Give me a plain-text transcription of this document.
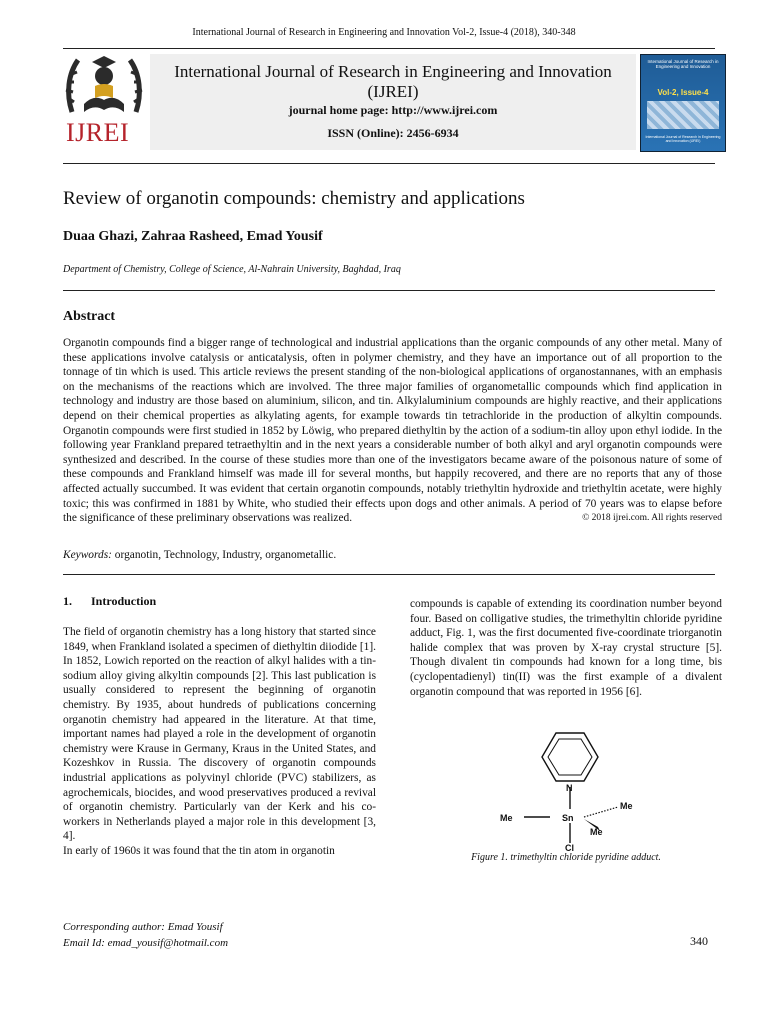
International Journal of Research in Engineering and Innovation Vol-2, Issue-4 (2018), 340-348
IJREI
International Journal of Research in Engineering and Innovation
(IJREI)
journal home page: http://www.ijrei.com
ISSN (Online): 2456-6934
International Journal of Research in Engineering and Innovation
Vol-2, Issue-4
International Journal of Research in Engineering and Innovation (IJREI)
Review of organotin compounds: chemistry and applications
Duaa Ghazi, Zahraa Rasheed, Emad Yousif
Department of Chemistry, College of Science, Al-Nahrain University, Baghdad, Iraq
Abstract
Organotin compounds find a bigger range of technological and industrial applications than the organic compounds of any other metal. Many of these applications involve catalysis or anticatalysis, often in polymer chemistry, and they have an importance out of all proportion to the tonnage of tin which is used. This article reviews the present standing of the non-biological applications of organostannanes, with an emphasis on the mechanisms of the reactions which are involved. The three major families of organometallic compounds which find application in technology and industry are those based on aluminium, silicon, and tin. Alkylaluminium compounds are highly reactive, and their applications depend on their chemical properties as alkylating agents, for example towards tin tetrachloride in the production of alkyltin compounds. Organotin compounds were first studied in 1852 by Löwig, who prepared diethyltin by the action of a sodium-tin alloy upon ethyl iodide. In the following year Frankland prepared tetraethyltin and in the next years a considerable number of both alkyl and aryl organotin compounds were synthesized and described. In the course of these studies more than one of the investigators became aware of the poisonous nature of some of these compounds and Frankland himself was made ill for several months, but happily recovered, and there are no reports that any of those affected actually succumbed. It was evident that certain organotin compounds, notably triethyltin hydroxide and triethyltin acetate, were highly toxic; this was confirmed in 1881 by White, who studied their effects upon dogs and other animals. A period of 70 years was to elapse before the significance of these preliminary observations was realized.	© 2018 ijrei.com. All rights reserved
Keywords: organotin, Technology, Industry, organometallic.
1. Introduction

The field of organotin chemistry has a long history that started since 1849, when Frankland isolated a specimen of diethyltin diiodide [1]. In 1852, Lowich reported on the reaction of alkyl halides with a tin-sodium alloy giving alkyltin compounds [2]. This last publication is usually considered to represent the beginning of organotin chemistry. By 1935, about hundreds of publications concerning organotin chemistry had appeared in the literature. At that time, important names had played a role in the development of organotin chemistry were Krause in Germany, Kraus in the United States, and Kozeshkov in Russia. The discovery of organotin compounds industrial applications as polyvinyl chloride (PVC) stabilizers, as agrochemicals, biocides, and wood preservatives produced a revival of organotin chemistry. Particularly van der Kerk and his co-workers in Netherlands played a major role in this development [3, 4].

In early of 1960s it was found that the tin atom in organotin

compounds is capable of extending its coordination number beyond four. Based on colligative studies, the trimethyltin chloride pyridine adduct, Fig. 1, was the first documented five-coordinate triorganotin halide complex that was proven by X-ray crystal structure [5]. Though divalent tin compounds had known for a long time, bis (cyclopentadienyl) tin(II) was the first example of a divalent organotin compound that was reported in 1956 [6].

N
Sn
Me
Me
Me
Cl
Figure 1. trimethyltin chloride pyridine adduct.
Corresponding author: Emad Yousif
Email Id: emad_yousif@hotmail.com	340
